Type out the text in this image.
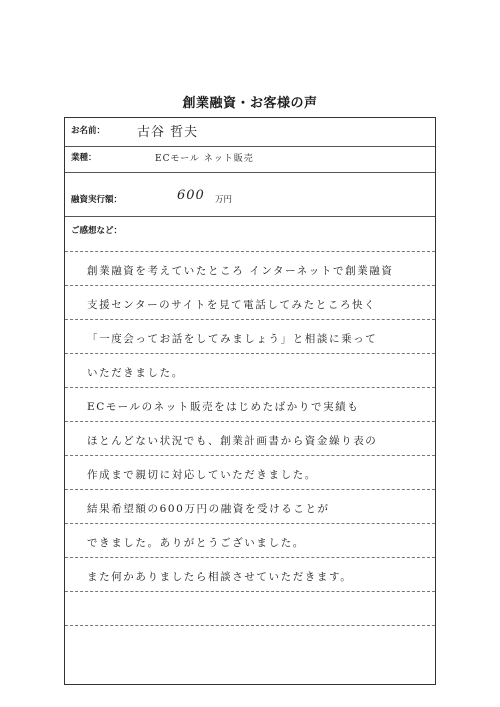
創業融資・お客様の声
お名前： 古谷 哲夫
業種：	ECモール ネット販売
融資実行額：	600 万円
ご感想など：
創業融資を考えていたところ インターネットで創業融資
支援センターのサイトを見て電話してみたところ快く
「一度会ってお話をしてみましょう」と相談に乗って
いただきました。
ECモールのネット販売をはじめたばかりで実績も
ほとんどない状況でも、創業計画書から資金繰り表の
作成まで親切に対応していただきました。
結果希望額の600万円の融資を受けることが
できました。ありがとうございました。
また何かありましたら相談させていただきます。
